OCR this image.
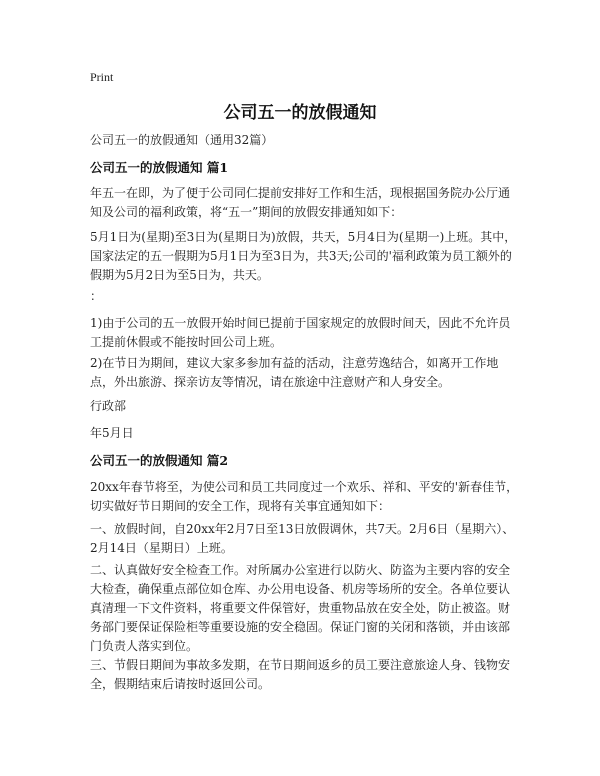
Print
公司五一的放假通知
公司五一的放假通知（通用32篇）
公司五一的放假通知 篇1
年五一在即，为了便于公司同仁提前安排好工作和生活，现根据国务院办公厅通知及公司的福利政策，将“五一”期间的放假安排通知如下：
5月1日为(星期)至3日为(星期日为)放假，共天，5月4日为(星期一)上班。其中，国家法定的五一假期为5月1日为至3日为，共3天;公司的'福利政策为员工额外的假期为5月2日为至5日为，共天。
：
1)由于公司的五一放假开始时间已提前于国家规定的放假时间天，因此不允许员工提前休假或不能按时回公司上班。
2)在节日为期间，建议大家多参加有益的活动，注意劳逸结合，如离开工作地点，外出旅游、探亲访友等情况，请在旅途中注意财产和人身安全。
行政部
年5月日
公司五一的放假通知 篇2
20xx年春节将至，为使公司和员工共同度过一个欢乐、祥和、平安的'新春佳节，切实做好节日期间的安全工作，现将有关事宜通知如下：
一、放假时间，自20xx年2月7日至13日放假调休，共7天。2月6日（星期六）、2月14日（星期日）上班。
二、认真做好安全检查工作。对所属办公室进行以防火、防盗为主要内容的安全大检查，确保重点部位如仓库、办公用电设备、机房等场所的安全。各单位要认真清理一下文件资料，将重要文件保管好，贵重物品放在安全处，防止被盗。财务部门要保证保险柜等重要设施的安全稳固。保证门窗的关闭和落锁，并由该部门负责人落实到位。
三、节假日期间为事故多发期，在节日期间返乡的员工要注意旅途人身、钱物安全，假期结束后请按时返回公司。
